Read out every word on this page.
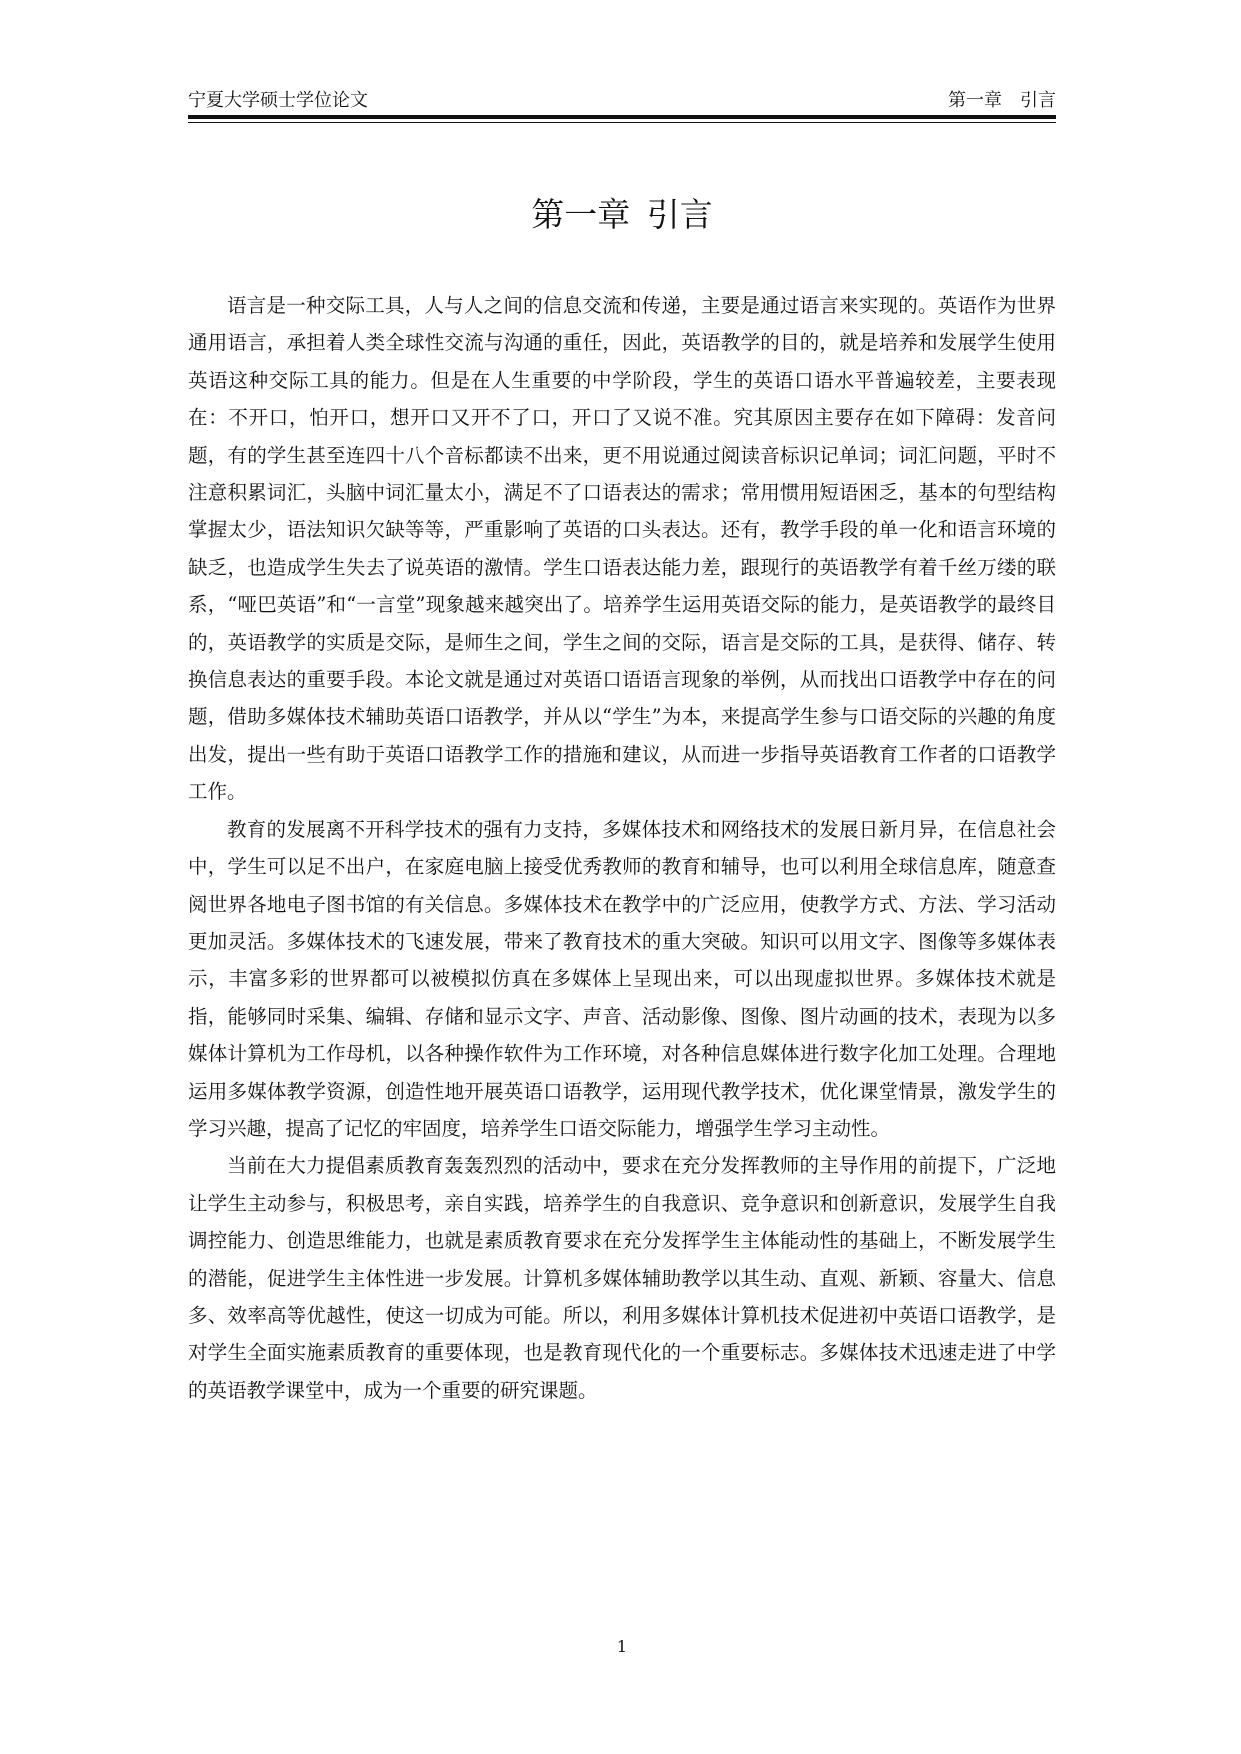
宁夏大学硕士学位论文	第一章　引言
第一章 引言

语言是一种交际工具，人与人之间的信息交流和传递，主要是通过语言来实现的。英语作为世界通用语言，承担着人类全球性交流与沟通的重任，因此，英语教学的目的，就是培养和发展学生使用英语这种交际工具的能力。但是在人生重要的中学阶段，学生的英语口语水平普遍较差，主要表现在：不开口，怕开口，想开口又开不了口，开口了又说不准。究其原因主要存在如下障碍：发音问题，有的学生甚至连四十八个音标都读不出来，更不用说通过阅读音标识记单词；词汇问题，平时不注意积累词汇，头脑中词汇量太小，满足不了口语表达的需求；常用惯用短语困乏，基本的句型结构掌握太少，语法知识欠缺等等，严重影响了英语的口头表达。还有，教学手段的单一化和语言环境的缺乏，也造成学生失去了说英语的激情。学生口语表达能力差，跟现行的英语教学有着千丝万缕的联系，“哑巴英语”和“一言堂”现象越来越突出了。培养学生运用英语交际的能力，是英语教学的最终目的，英语教学的实质是交际，是师生之间，学生之间的交际，语言是交际的工具，是获得、储存、转换信息表达的重要手段。本论文就是通过对英语口语语言现象的举例，从而找出口语教学中存在的问题，借助多媒体技术辅助英语口语教学，并从以“学生”为本，来提高学生参与口语交际的兴趣的角度出发，提出一些有助于英语口语教学工作的措施和建议，从而进一步指导英语教育工作者的口语教学工作。

教育的发展离不开科学技术的强有力支持，多媒体技术和网络技术的发展日新月异，在信息社会中，学生可以足不出户，在家庭电脑上接受优秀教师的教育和辅导，也可以利用全球信息库，随意查阅世界各地电子图书馆的有关信息。多媒体技术在教学中的广泛应用，使教学方式、方法、学习活动更加灵活。多媒体技术的飞速发展，带来了教育技术的重大突破。知识可以用文字、图像等多媒体表示，丰富多彩的世界都可以被模拟仿真在多媒体上呈现出来，可以出现虚拟世界。多媒体技术就是指，能够同时采集、编辑、存储和显示文字、声音、活动影像、图像、图片动画的技术，表现为以多媒体计算机为工作母机，以各种操作软件为工作环境，对各种信息媒体进行数字化加工处理。合理地运用多媒体教学资源，创造性地开展英语口语教学，运用现代教学技术，优化课堂情景，激发学生的学习兴趣，提高了记忆的牢固度，培养学生口语交际能力，增强学生学习主动性。

当前在大力提倡素质教育轰轰烈烈的活动中，要求在充分发挥教师的主导作用的前提下，广泛地让学生主动参与，积极思考，亲自实践，培养学生的自我意识、竞争意识和创新意识，发展学生自我调控能力、创造思维能力，也就是素质教育要求在充分发挥学生主体能动性的基础上，不断发展学生的潜能，促进学生主体性进一步发展。计算机多媒体辅助教学以其生动、直观、新颖、容量大、信息多、效率高等优越性，使这一切成为可能。所以，利用多媒体计算机技术促进初中英语口语教学，是对学生全面实施素质教育的重要体现，也是教育现代化的一个重要标志。多媒体技术迅速走进了中学的英语教学课堂中，成为一个重要的研究课题。

1
